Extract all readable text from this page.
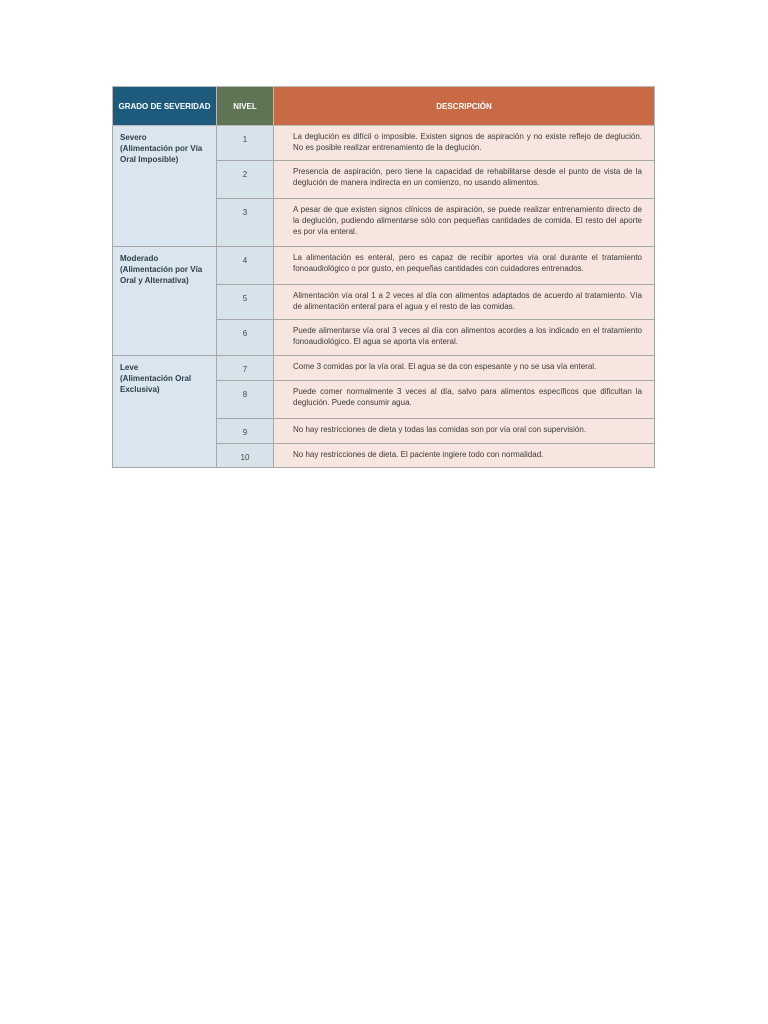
GRADO DE SEVERIDAD	NIVEL	DESCRIPCIÓN

Severo
(Alimentación por Vía Oral Imposible)	1	La deglución es difícil o imposible. Existen signos de aspiración y no existe reflejo de deglución. No es posible realizar entrenamiento de la deglución.
	2	Presencia de aspiración, pero tiene la capacidad de rehabilitarse desde el punto de vista de la deglución de manera indirecta en un comienzo, no usando alimentos.
	3	A pesar de que existen signos clínicos de aspiración, se puede realizar entrenamiento directo de la deglución, pudiendo alimentarse sólo con pequeñas cantidades de comida. El resto del aporte es por vía enteral.

Moderado
(Alimentación por Vía Oral y Alternativa)	4	La alimentación es enteral, pero es capaz de recibir aportes vía oral durante el tratamiento fonoaudiológico o por gusto, en pequeñas cantidades con cuidadores entrenados.
	5	Alimentación vía oral 1 a 2 veces al día con alimentos adaptados de acuerdo al tratamiento. Vía de alimentación enteral para el agua y el resto de las comidas.
	6	Puede alimentarse vía oral 3 veces al día con alimentos acordes a los indicado en el tratamiento fonoaudiológico. El agua se aporta vía enteral.

Leve
(Alimentación Oral Exclusiva)	7	Come 3 comidas por la vía oral. El agua se da con espesante y no se usa vía enteral.
	8	Puede comer normalmente 3 veces al día, salvo para alimentos específicos que dificultan la deglución. Puede consumir agua.
	9	No hay restricciones de dieta y todas las comidas son por vía oral con supervisión.
	10	No hay restricciones de dieta. El paciente ingiere todo con normalidad.
